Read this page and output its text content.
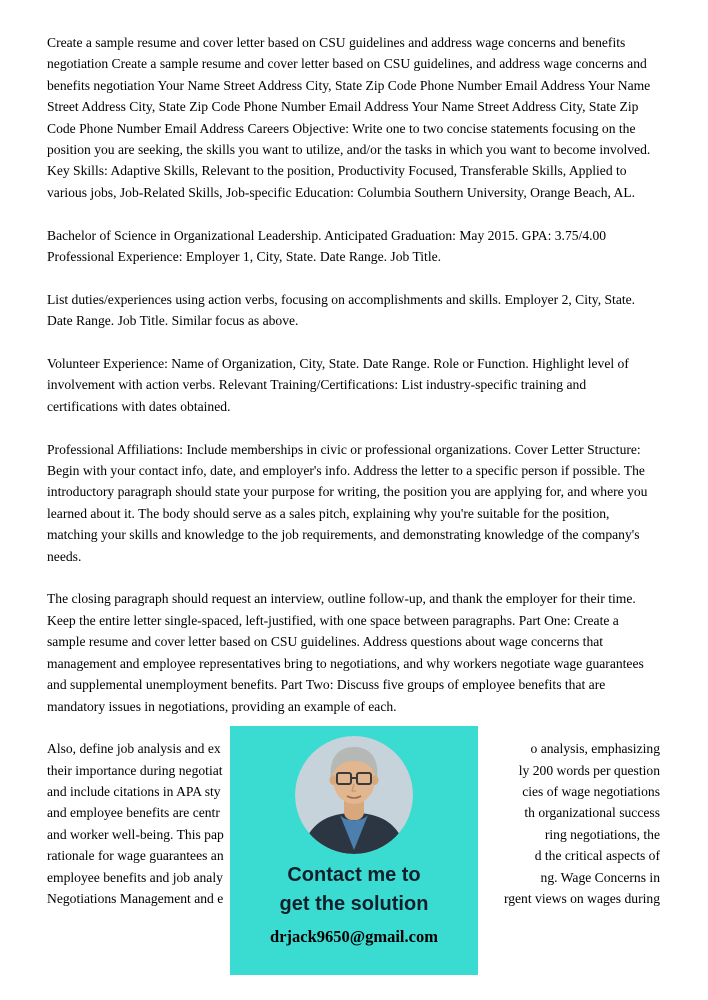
Create a sample resume and cover letter based on CSU guidelines and address wage concerns and benefits negotiation Create a sample resume and cover letter based on CSU guidelines, and address wage concerns and benefits negotiation Your Name Street Address City, State Zip Code Phone Number Email Address Your Name Street Address City, State Zip Code Phone Number Email Address Your Name Street Address City, State Zip Code Phone Number Email Address Careers Objective: Write one to two concise statements focusing on the position you are seeking, the skills you want to utilize, and/or the tasks in which you want to become involved. Key Skills: Adaptive Skills, Relevant to the position, Productivity Focused, Transferable Skills, Applied to various jobs, Job-Related Skills, Job-specific Education: Columbia Southern University, Orange Beach, AL.

Bachelor of Science in Organizational Leadership. Anticipated Graduation: May 2015. GPA: 3.75/4.00 Professional Experience: Employer 1, City, State. Date Range. Job Title.

List duties/experiences using action verbs, focusing on accomplishments and skills. Employer 2, City, State. Date Range. Job Title. Similar focus as above.

Volunteer Experience: Name of Organization, City, State. Date Range. Role or Function. Highlight level of involvement with action verbs. Relevant Training/Certifications: List industry-specific training and certifications with dates obtained.

Professional Affiliations: Include memberships in civic or professional organizations. Cover Letter Structure: Begin with your contact info, date, and employer's info. Address the letter to a specific person if possible. The introductory paragraph should state your purpose for writing, the position you are applying for, and where you learned about it. The body should serve as a sales pitch, explaining why you're suitable for the position, matching your skills and knowledge to the job requirements, and demonstrating knowledge of the company's needs.

The closing paragraph should request an interview, outline follow-up, and thank the employer for their time. Keep the entire letter single-spaced, left-justified, with one space between paragraphs. Part One: Create a sample resume and cover letter based on CSU guidelines. Address questions about wage concerns that management and employee representatives bring to negotiations, and why workers negotiate wage guarantees and supplemental unemployment benefits. Part Two: Discuss five groups of employee benefits that are mandatory issues in negotiations, providing an example of each.

Also, define job analysis and ex	o analysis, emphasizing
their importance during negotiat	ly 200 words per question
and include citations in APA sty	cies of wage negotiations
and employee benefits are centr	th organizational success
and worker well-being. This pap	ring negotiations, the
rationale for wage guarantees an	d the critical aspects of
employee benefits and job analy	ng. Wage Concerns in
Negotiations Management and e	rgent views on wages during
Contact me to
get the solution
drjack9650@gmail.com
